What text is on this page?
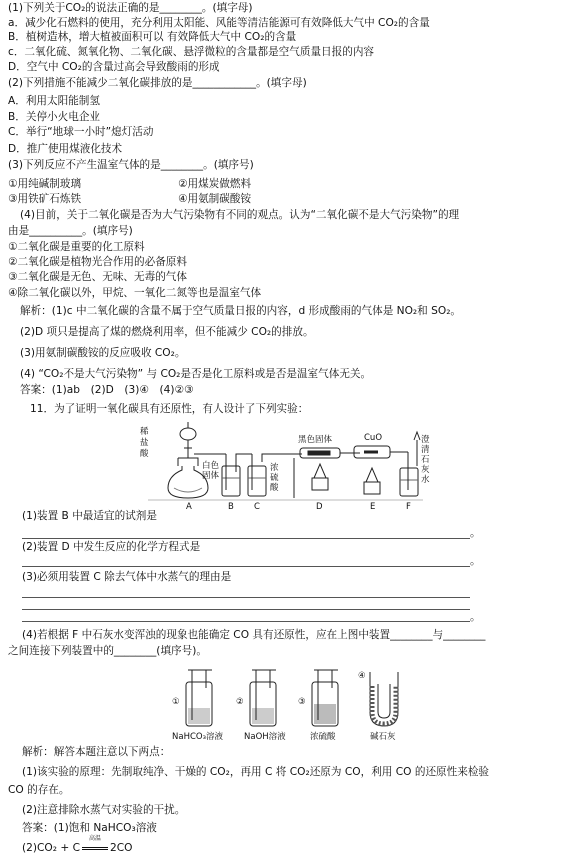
(1)下列关于CO₂的说法正确的是________。(填字母)
a．减少化石燃料的使用，充分利用太阳能、风能等清洁能源可有效降低大气中 CO₂的含量
B．植树造林，增大植被面积可以 有效降低大气中 CO₂的含量
c．二氧化硫、氮氧化物、二氧化碳、悬浮微粒的含量都是空气质量日报的内容
D．空气中 CO₂的含量过高会导致酸雨的形成
(2)下列措施不能减少二氧化碳排放的是____________。(填字母)
A．利用太阳能制氢
B．关停小火电企业
C．举行“地球一小时”熄灯活动
D．推广使用煤液化技术
(3)下列反应不产生温室气体的是________。(填序号)
①用纯碱制玻璃	②用煤炭做燃料
③用铁矿石炼铁	④用氨制碳酸铵
(4)目前，关于二氧化碳是否为大气污染物有不同的观点。认为“二氧化碳不是大气污染物”的理
由是__________。(填序号)
①二氧化碳是重要的化工原料
②二氧化碳是植物光合作用的必备原料
③二氧化碳是无色、无味、无毒的气体
④除二氧化碳以外，甲烷、一氧化二氮等也是温室气体
解析：(1)c 中二氧化碳的含量不属于空气质量日报的内容，d 形成酸雨的气体是 NO₂和 SO₂。
(2)D 项只是提高了煤的燃烧利用率，但不能减少 CO₂的排放。
(3)用氨制碳酸铵的反应吸收 CO₂。
(4) “CO₂不是大气污染物” 与 CO₂是否是化工原料或是否是温室气体无关。
答案：(1)ab　(2)D　(3)④　(4)②③
11．为了证明一氧化碳具有还原性，有人设计了下列实验：
稀
盐
酸
白色
固体
黑色固体	CuO
浓
硫
酸
澄
清
石
灰
水
A	B C	D	E	F
(1)装置 B 中最适宜的试剂是
。
(2)装置 D 中发生反应的化学方程式是
。
(3)必须用装置 C 除去气体中水蒸气的理由是
。
(4)若根据 F 中石灰水变浑浊的现象也能确定 CO 具有还原性，应在上图中装置________与________
之间连接下列装置中的________(填序号)。
①	②	③
④
NaHCO₃溶液 NaOH溶液	浓硫酸	碱石灰
解析：解答本题注意以下两点：
(1)该实验的原理：先制取纯净、干燥的 CO₂，再用 C 将 CO₂还原为 CO，利用 CO 的还原性来检验
CO 的存在。
(2)注意排除水蒸气对实验的干扰。
答案：(1)饱和 NaHCO₃溶液
(2)CO₂ + C
高温
2CO
